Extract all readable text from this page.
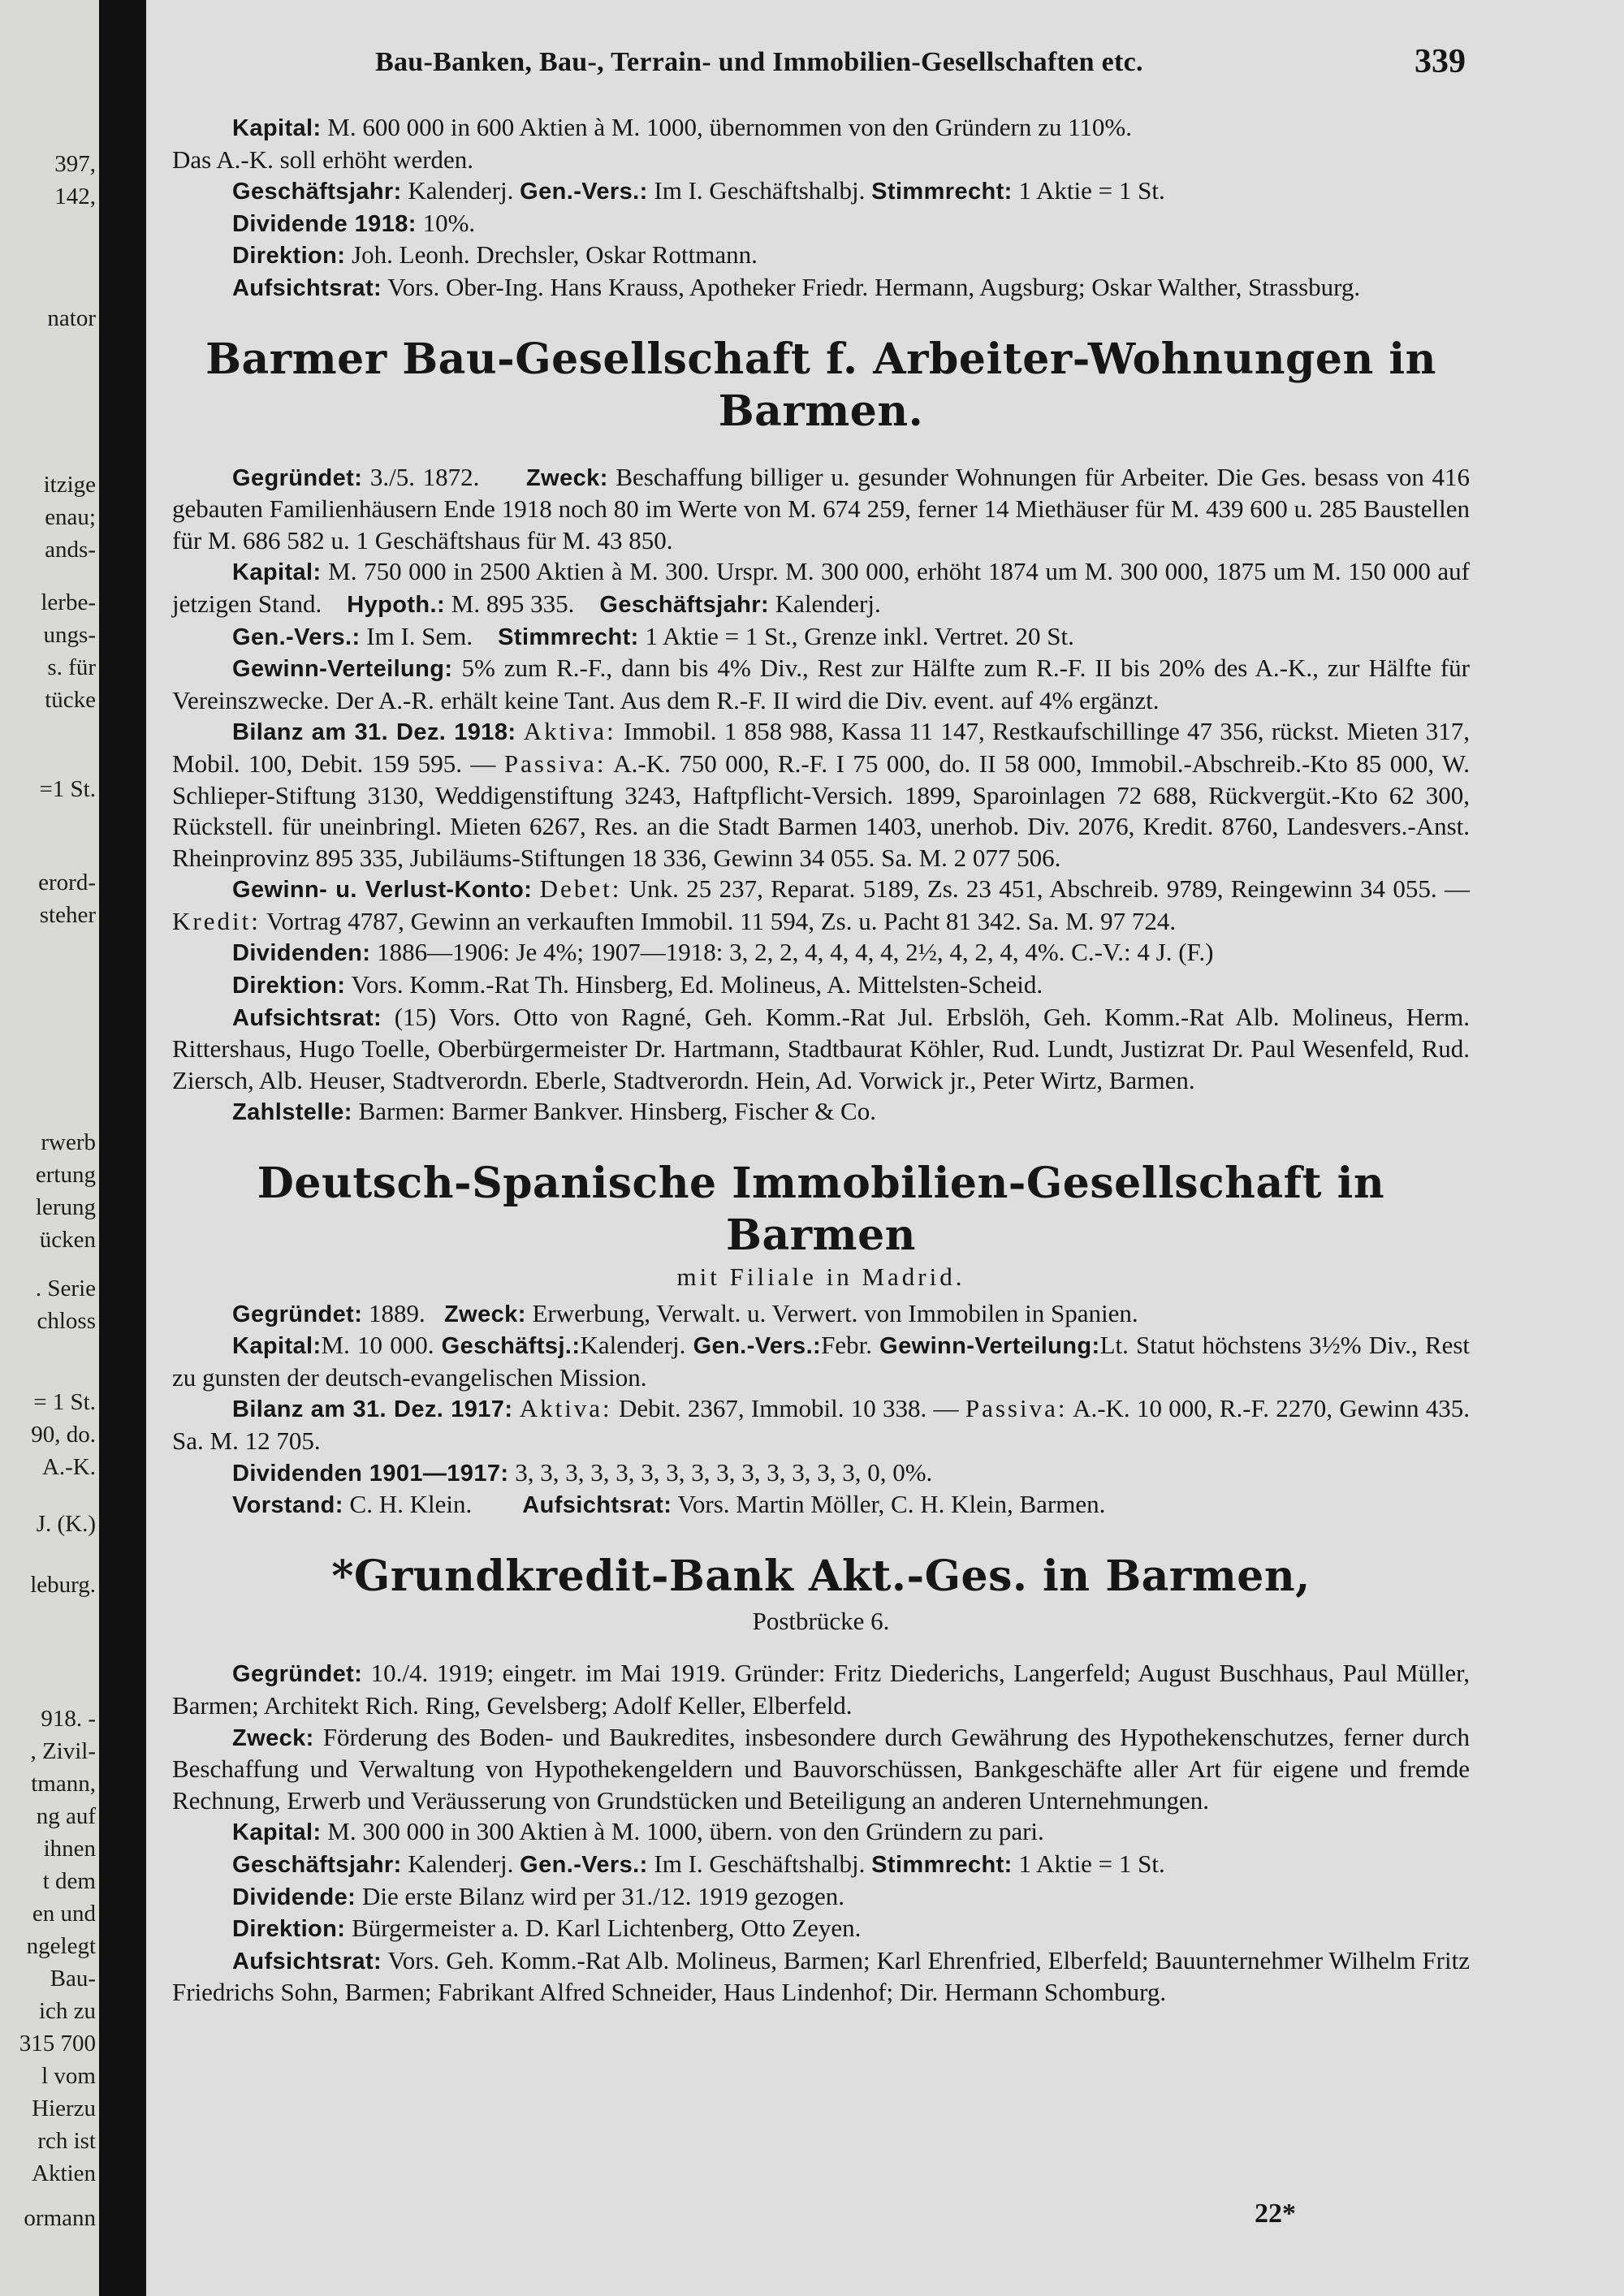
397,
142,
nator
itzige
enau;
ands-
lerbe-
ungs-
s. für
tücke
=1 St.
erord-
steher
rwerb
ertung
lerung
ücken
. Serie
chloss
= 1 St.
90, do.
A.-K.
J. (K.)
leburg.
918. -
, Zivil-
tmann,
ng auf
ihnen
t dem
en und
ngelegt
Bau-
ich zu
315 700
l vom
Hierzu
rch ist
Aktien
ormann
Bau-Banken, Bau-, Terrain- und Immobilien-Gesellschaften etc.	339

Kapital: M. 600 000 in 600 Aktien à M. 1000, übernommen von den Gründern zu 110%.

Das A.-K. soll erhöht werden.

Geschäftsjahr: Kalenderj. Gen.-Vers.: Im I. Geschäftshalbj. Stimmrecht: 1 Aktie = 1 St.

Dividende 1918: 10%.

Direktion: Joh. Leonh. Drechsler, Oskar Rottmann.

Aufsichtsrat: Vors. Ober-Ing. Hans Krauss, Apotheker Friedr. Hermann, Augsburg; Oskar Walther, Strassburg.

Barmer Bau-Gesellschaft f. Arbeiter-Wohnungen in Barmen.

Gegründet: 3./5. 1872. Zweck: Beschaffung billiger u. gesunder Wohnungen für Arbeiter. Die Ges. besass von 416 gebauten Familienhäusern Ende 1918 noch 80 im Werte von M. 674 259, ferner 14 Miethäuser für M. 439 600 u. 285 Baustellen für M. 686 582 u. 1 Geschäftshaus für M. 43 850.

Kapital: M. 750 000 in 2500 Aktien à M. 300. Urspr. M. 300 000, erhöht 1874 um M. 300 000, 1875 um M. 150 000 auf jetzigen Stand. Hypoth.: M. 895 335. Geschäftsjahr: Kalenderj.

Gen.-Vers.: Im I. Sem. Stimmrecht: 1 Aktie = 1 St., Grenze inkl. Vertret. 20 St.

Gewinn-Verteilung: 5% zum R.-F., dann bis 4% Div., Rest zur Hälfte zum R.-F. II bis 20% des A.-K., zur Hälfte für Vereinszwecke. Der A.-R. erhält keine Tant. Aus dem R.-F. II wird die Div. event. auf 4% ergänzt.

Bilanz am 31. Dez. 1918: Aktiva: Immobil. 1 858 988, Kassa 11 147, Restkaufschillinge 47 356, rückst. Mieten 317, Mobil. 100, Debit. 159 595. — Passiva: A.-K. 750 000, R.-F. I 75 000, do. II 58 000, Immobil.-Abschreib.-Kto 85 000, W. Schlieper-Stiftung 3130, Weddigenstiftung 3243, Haftpflicht-Versich. 1899, Sparoinlagen 72 688, Rückvergüt.-Kto 62 300, Rückstell. für uneinbringl. Mieten 6267, Res. an die Stadt Barmen 1403, unerhob. Div. 2076, Kredit. 8760, Landesvers.-Anst. Rheinprovinz 895 335, Jubiläums-Stiftungen 18 336, Gewinn 34 055. Sa. M. 2 077 506.

Gewinn- u. Verlust-Konto: Debet: Unk. 25 237, Reparat. 5189, Zs. 23 451, Abschreib. 9789, Reingewinn 34 055. — Kredit: Vortrag 4787, Gewinn an verkauften Immobil. 11 594, Zs. u. Pacht 81 342. Sa. M. 97 724.

Dividenden: 1886—1906: Je 4%; 1907—1918: 3, 2, 2, 4, 4, 4, 4, 2½, 4, 2, 4, 4%. C.-V.: 4 J. (F.)

Direktion: Vors. Komm.-Rat Th. Hinsberg, Ed. Molineus, A. Mittelsten-Scheid.

Aufsichtsrat: (15) Vors. Otto von Ragné, Geh. Komm.-Rat Jul. Erbslöh, Geh. Komm.-Rat Alb. Molineus, Herm. Rittershaus, Hugo Toelle, Oberbürgermeister Dr. Hartmann, Stadtbaurat Köhler, Rud. Lundt, Justizrat Dr. Paul Wesenfeld, Rud. Ziersch, Alb. Heuser, Stadtverordn. Eberle, Stadtverordn. Hein, Ad. Vorwick jr., Peter Wirtz, Barmen.

Zahlstelle: Barmen: Barmer Bankver. Hinsberg, Fischer & Co.

Deutsch-Spanische Immobilien-Gesellschaft in Barmen
mit Filiale in Madrid.

Gegründet: 1889. Zweck: Erwerbung, Verwalt. u. Verwert. von Immobilen in Spanien.

Kapital:M. 10 000. Geschäftsj.:Kalenderj. Gen.-Vers.:Febr. Gewinn-Verteilung:Lt. Statut höchstens 3½% Div., Rest zu gunsten der deutsch-evangelischen Mission.

Bilanz am 31. Dez. 1917: Aktiva: Debit. 2367, Immobil. 10 338. — Passiva: A.-K. 10 000, R.-F. 2270, Gewinn 435. Sa. M. 12 705.

Dividenden 1901—1917: 3, 3, 3, 3, 3, 3, 3, 3, 3, 3, 3, 3, 3, 3, 0, 0%.

Vorstand: C. H. Klein. Aufsichtsrat: Vors. Martin Möller, C. H. Klein, Barmen.

*Grundkredit-Bank Akt.-Ges. in Barmen,
Postbrücke 6.

Gegründet: 10./4. 1919; eingetr. im Mai 1919. Gründer: Fritz Diederichs, Langerfeld; August Buschhaus, Paul Müller, Barmen; Architekt Rich. Ring, Gevelsberg; Adolf Keller, Elberfeld.

Zweck: Förderung des Boden- und Baukredites, insbesondere durch Gewährung des Hypothekenschutzes, ferner durch Beschaffung und Verwaltung von Hypothekengeldern und Bauvorschüssen, Bankgeschäfte aller Art für eigene und fremde Rechnung, Erwerb und Veräusserung von Grundstücken und Beteiligung an anderen Unternehmungen.

Kapital: M. 300 000 in 300 Aktien à M. 1000, übern. von den Gründern zu pari.

Geschäftsjahr: Kalenderj. Gen.-Vers.: Im I. Geschäftshalbj. Stimmrecht: 1 Aktie = 1 St.

Dividende: Die erste Bilanz wird per 31./12. 1919 gezogen.

Direktion: Bürgermeister a. D. Karl Lichtenberg, Otto Zeyen.

Aufsichtsrat: Vors. Geh. Komm.-Rat Alb. Molineus, Barmen; Karl Ehrenfried, Elberfeld; Bauunternehmer Wilhelm Fritz Friedrichs Sohn, Barmen; Fabrikant Alfred Schneider, Haus Lindenhof; Dir. Hermann Schomburg.

22*
